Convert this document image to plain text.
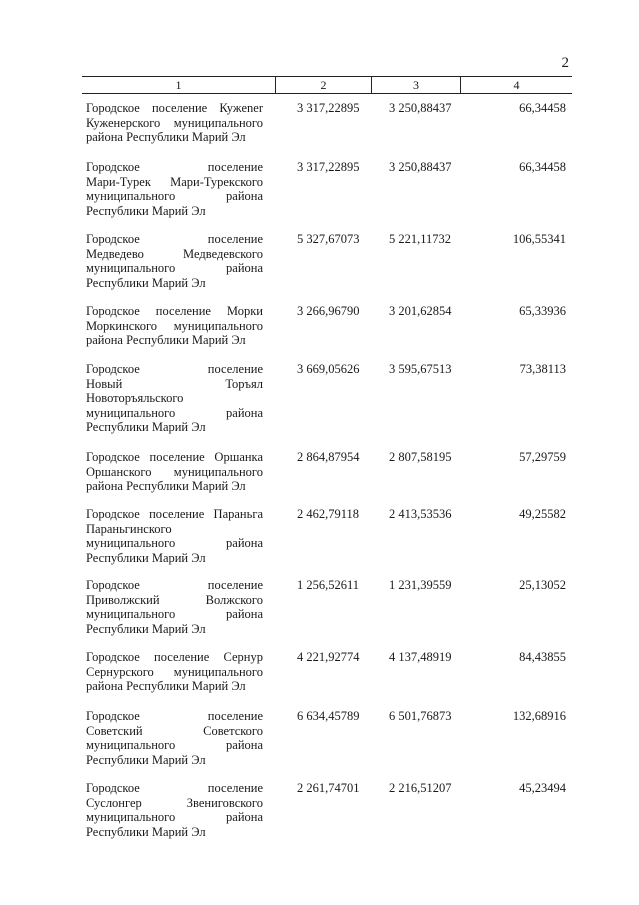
2
1	2	3	4
Городское поселение Кужener
Куженерского муниципального
района Республики Марий Эл
3 317,22895	3 250,88437	66,34458
Городское поселение
Мари-Турек Мари-Турекского
муниципального района
Республики Марий Эл
3 317,22895	3 250,88437	66,34458
Городское поселение
Медведево Медведевского
муниципального района
Республики Марий Эл
5 327,67073	5 221,11732	106,55341
Городское поселение Морки
Моркинского муниципального
района Республики Марий Эл
3 266,96790	3 201,62854	65,33936
Городское поселение
Новый Торъял
Новоторъяльского
муниципального района
Республики Марий Эл
3 669,05626	3 595,67513	73,38113
Городское поселение Оршанка
Оршанского муниципального
района Республики Марий Эл
2 864,87954	2 807,58195	57,29759
Городское поселение Параньга
Параньгинского
муниципального района
Республики Марий Эл
2 462,79118	2 413,53536	49,25582
Городское поселение
Приволжский Волжского
муниципального района
Республики Марий Эл
1 256,52611	1 231,39559	25,13052
Городское поселение Сернур
Сернурского муниципального
района Республики Марий Эл
4 221,92774	4 137,48919	84,43855
Городское поселение
Советский Советского
муниципального района
Республики Марий Эл
6 634,45789	6 501,76873	132,68916
Городское поселение
Суслонгер Звениговского
муниципального района
Республики Марий Эл
2 261,74701	2 216,51207	45,23494
